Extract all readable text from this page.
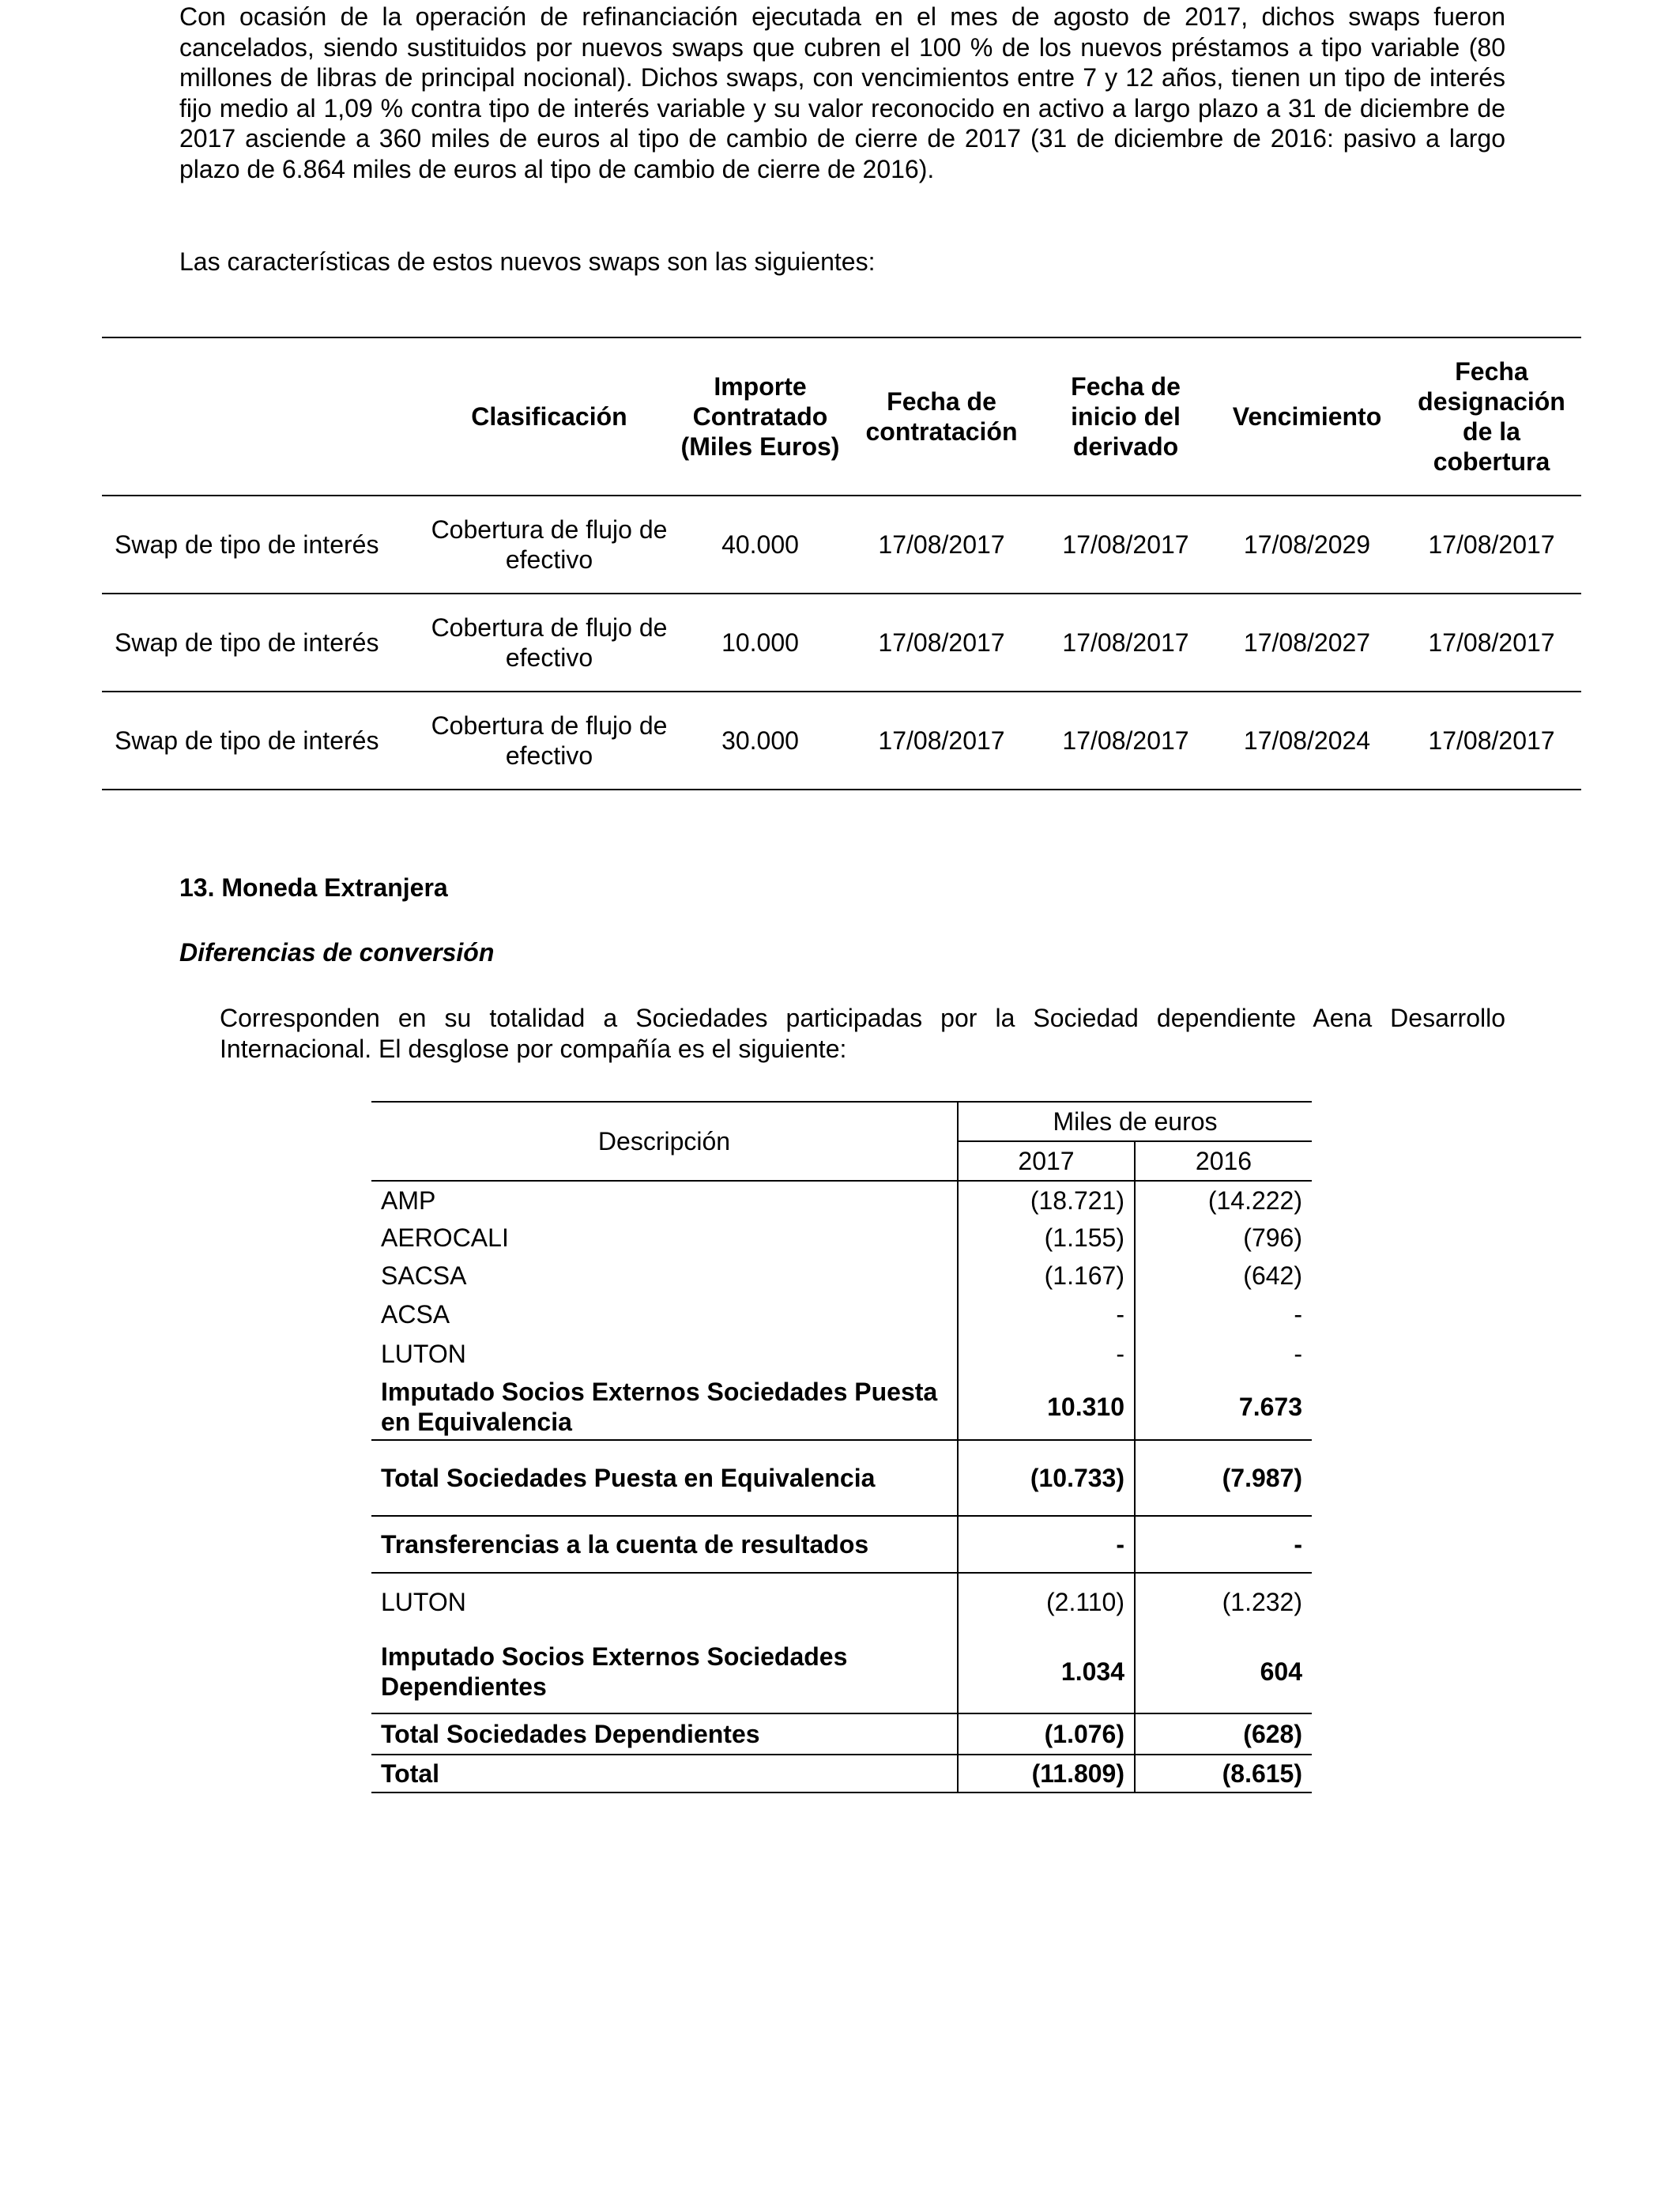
Con ocasión de la operación de refinanciación ejecutada en el mes de agosto de 2017, dichos swaps fueron cancelados, siendo sustituidos por nuevos swaps que cubren el 100 % de los nuevos préstamos a tipo variable (80 millones de libras de principal nocional). Dichos swaps, con vencimientos entre 7 y 12 años, tienen un tipo de interés fijo medio al 1,09 % contra tipo de interés variable y su valor reconocido en activo a largo plazo a 31 de diciembre de 2017 asciende a 360 miles de euros al tipo de cambio de cierre de 2017 (31 de diciembre de 2016: pasivo a largo plazo de 6.864 miles de euros al tipo de cambio de cierre de 2016).

Las características de estos nuevos swaps son las siguientes:

	Clasificación	Importe Contratado (Miles Euros)	Fecha de contratación	Fecha de inicio del derivado	Vencimiento	Fecha designación de la cobertura
Swap de tipo de interés	Cobertura de flujo de efectivo	40.000	17/08/2017	17/08/2017	17/08/2029	17/08/2017
Swap de tipo de interés	Cobertura de flujo de efectivo	10.000	17/08/2017	17/08/2017	17/08/2027	17/08/2017
Swap de tipo de interés	Cobertura de flujo de efectivo	30.000	17/08/2017	17/08/2017	17/08/2024	17/08/2017
13. Moneda Extranjera
Diferencias de conversión

Corresponden en su totalidad a Sociedades participadas por la Sociedad dependiente Aena Desarrollo Internacional. El desglose por compañía es el siguiente:

Descripción	Miles de euros	
	2017	2016
AMP	(18.721)	(14.222)
AEROCALI	(1.155)	(796)
SACSA	(1.167)	(642)
ACSA	-	-
LUTON	-	-
Imputado Socios Externos Sociedades Puesta en Equivalencia	10.310	7.673
Total Sociedades Puesta en Equivalencia	(10.733)	(7.987)
Transferencias a la cuenta de resultados	-	-
LUTON	(2.110)	(1.232)
Imputado Socios Externos Sociedades Dependientes	1.034	604
Total Sociedades Dependientes	(1.076)	(628)
Total	(11.809)	(8.615)
